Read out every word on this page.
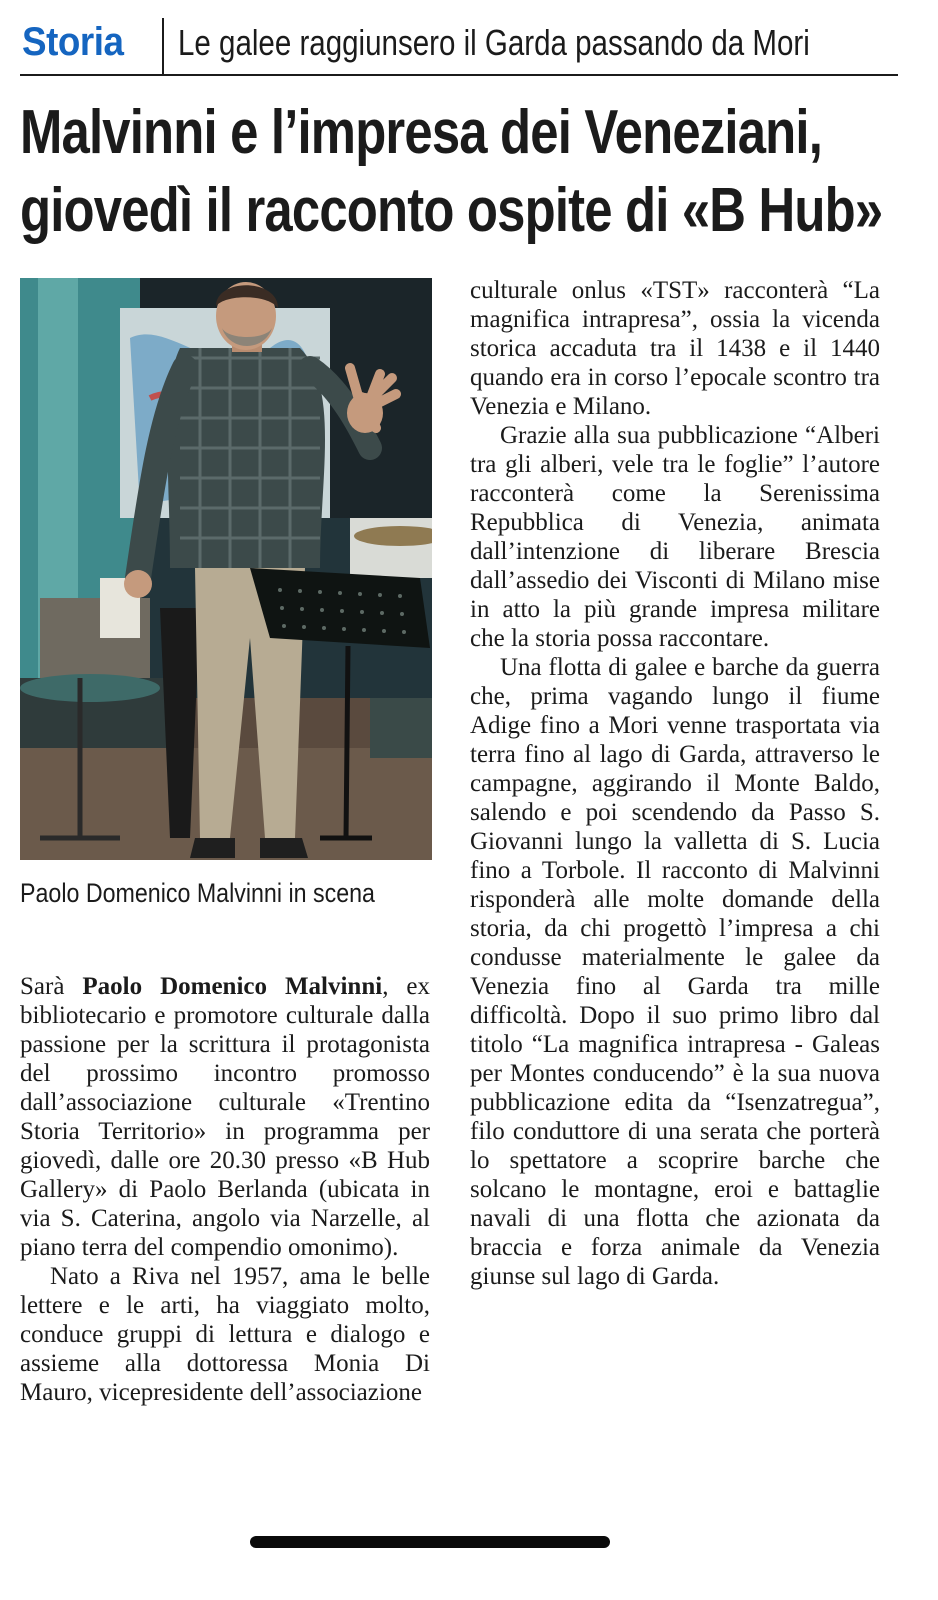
Storia Le galee raggiunsero il Garda passando da Mori
Malvinni e l’impresa dei Veneziani,
giovedì il racconto ospite di «B Hub»
Paolo Domenico Malvinni in scena

Sarà Paolo Domenico Malvinni, ex bibliotecario e promotore culturale dalla passione per la scrittura il protagonista del prossimo incontro promosso dall’associazione culturale «Trentino Storia Territorio» in programma per giovedì, dalle ore 20.30 presso «B Hub Gallery» di Paolo Berlanda (ubicata in via S. Caterina, angolo via Narzelle, al piano terra del compendio omonimo).

Nato a Riva nel 1957, ama le belle lettere e le arti, ha viaggiato molto, conduce gruppi di lettura e dialogo e assieme alla dottoressa Monia Di Mauro, vicepresidente dell’associazione

culturale onlus «TST» racconterà “La magnifica intrapresa”, ossia la vicenda storica accaduta tra il 1438 e il 1440 quando era in corso l’epocale scontro tra Venezia e Milano.

Grazie alla sua pubblicazione “Alberi tra gli alberi, vele tra le foglie” l’autore racconterà come la Serenissima Repubblica di Venezia, animata dall’intenzione di liberare Brescia dall’assedio dei Visconti di Milano mise in atto la più grande impresa militare che la storia possa raccontare.

Una flotta di galee e barche da guerra che, prima vagando lungo il fiume Adige fino a Mori venne trasportata via terra fino al lago di Garda, attraverso le campagne, aggirando il Monte Baldo, salendo e poi scendendo da Passo S. Giovanni lungo la valletta di S. Lucia fino a Torbole. Il racconto di Malvinni risponderà alle molte domande della storia, da chi progettò l’impresa a chi condusse materialmente le galee da Venezia fino al Garda tra mille difficoltà. Dopo il suo primo libro dal titolo “La magnifica intrapresa - Galeas per Montes conducendo” è la sua nuova pubblicazione edita da “Isenzatregua”, filo conduttore di una serata che porterà lo spettatore a scoprire barche che solcano le montagne, eroi e battaglie navali di una flotta che azionata da braccia e forza animale da Venezia giunse sul lago di Garda.
